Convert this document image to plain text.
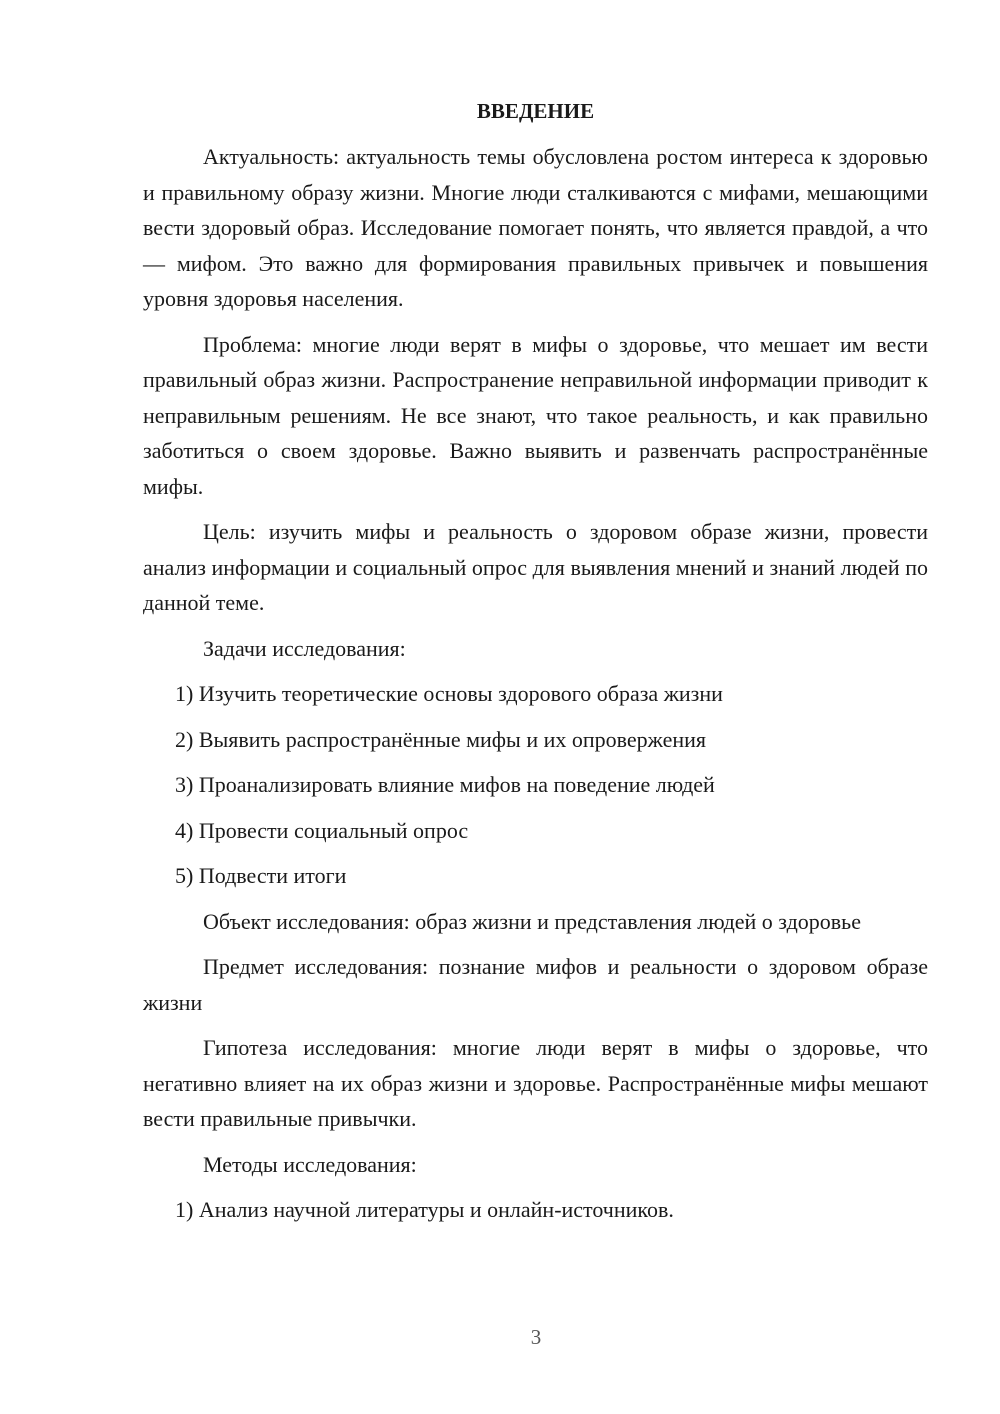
ВВЕДЕНИЕ

Актуальность: актуальность темы обусловлена ростом интереса к здоровью и правильному образу жизни. Многие люди сталкиваются с мифами, мешающими вести здоровый образ. Исследование помогает понять, что является правдой, а что — мифом. Это важно для формирования правильных привычек и повышения уровня здоровья населения.

Проблема: многие люди верят в мифы о здоровье, что мешает им вести правильный образ жизни. Распространение неправильной информации приводит к неправильным решениям. Не все знают, что такое реальность, и как правильно заботиться о своем здоровье. Важно выявить и развенчать распространённые мифы.

Цель: изучить мифы и реальность о здоровом образе жизни, провести анализ информации и социальный опрос для выявления мнений и знаний людей по данной теме.

Задачи исследования:

1) Изучить теоретические основы здорового образа жизни

2) Выявить распространённые мифы и их опровержения

3) Проанализировать влияние мифов на поведение людей

4) Провести социальный опрос

5) Подвести итоги

Объект исследования: образ жизни и представления людей о здоровье

Предмет исследования: познание мифов и реальности о здоровом образе жизни

Гипотеза исследования: многие люди верят в мифы о здоровье, что негативно влияет на их образ жизни и здоровье. Распространённые мифы мешают вести правильные привычки.

Методы исследования:

1) Анализ научной литературы и онлайн-источников.

3
